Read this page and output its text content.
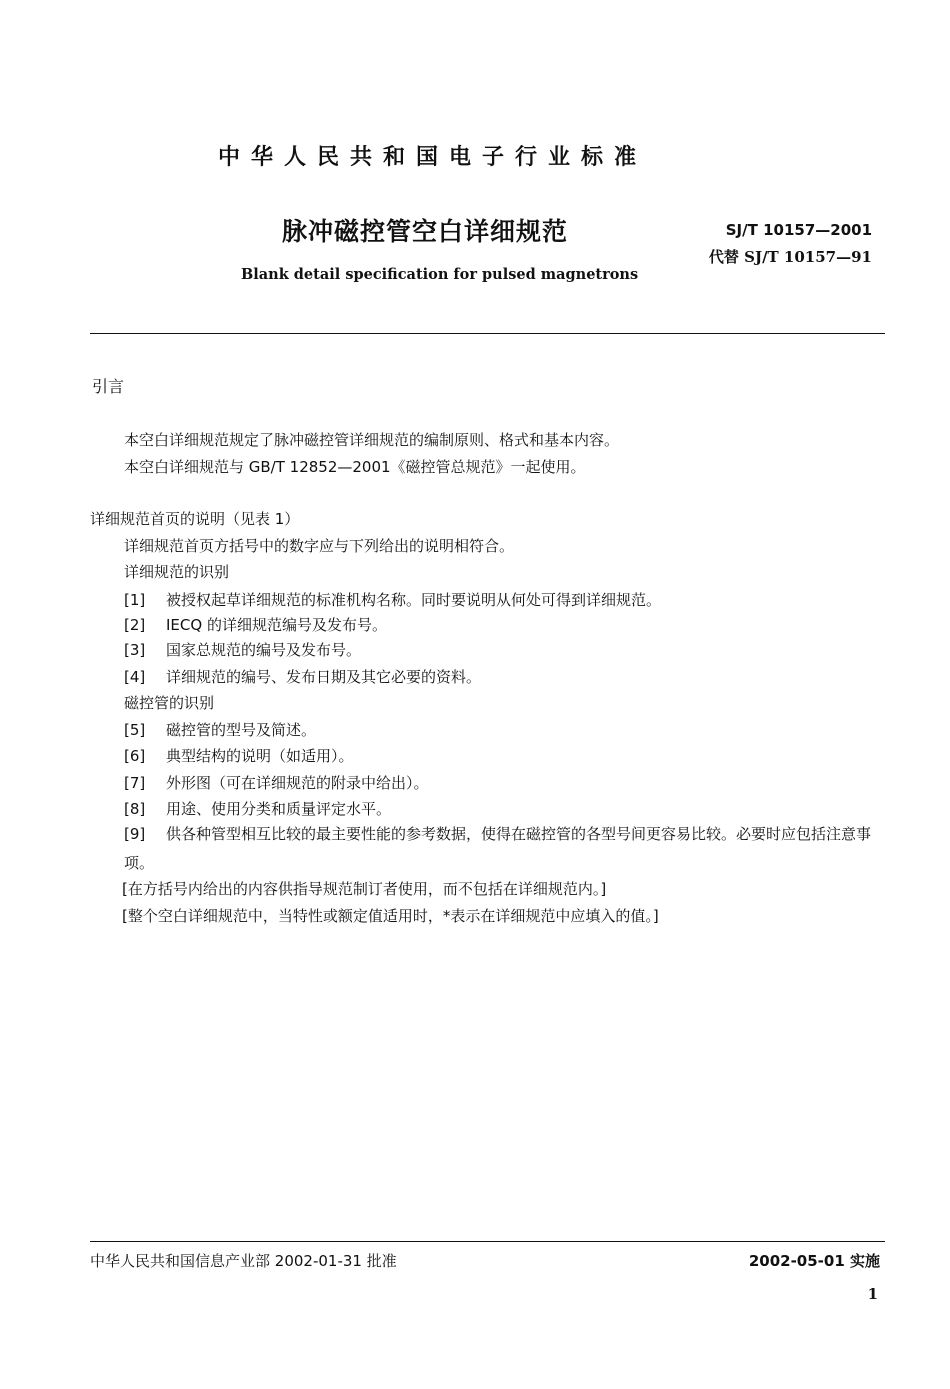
中华人民共和国电子行业标准
脉冲磁控管空白详细规范	SJ/T 10157—2001
代替 SJ/T 10157—91
Blank detail specification for pulsed magnetrons
引言
本空白详细规范规定了脉冲磁控管详细规范的编制原则、格式和基本内容。
本空白详细规范与 GB/T 12852—2001《磁控管总规范》一起使用。
详细规范首页的说明（见表 1）
详细规范首页方括号中的数字应与下列给出的说明相符合。
详细规范的识别
[1] 被授权起草详细规范的标准机构名称。同时要说明从何处可得到详细规范。
[2] IECQ 的详细规范编号及发布号。
[3] 国家总规范的编号及发布号。
[4] 详细规范的编号、发布日期及其它必要的资料。
磁控管的识别
[5] 磁控管的型号及简述。
[6] 典型结构的说明（如适用）。
[7] 外形图（可在详细规范的附录中给出）。
[8] 用途、使用分类和质量评定水平。
[9] 供各种管型相互比较的最主要性能的参考数据，使得在磁控管的各型号间更容易比较。必要时应包括注意事项。
[在方括号内给出的内容供指导规范制订者使用，而不包括在详细规范内。]
[整个空白详细规范中，当特性或额定值适用时，*表示在详细规范中应填入的值。]
中华人民共和国信息产业部 2002-01-31 批准	2002-05-01 实施
1
